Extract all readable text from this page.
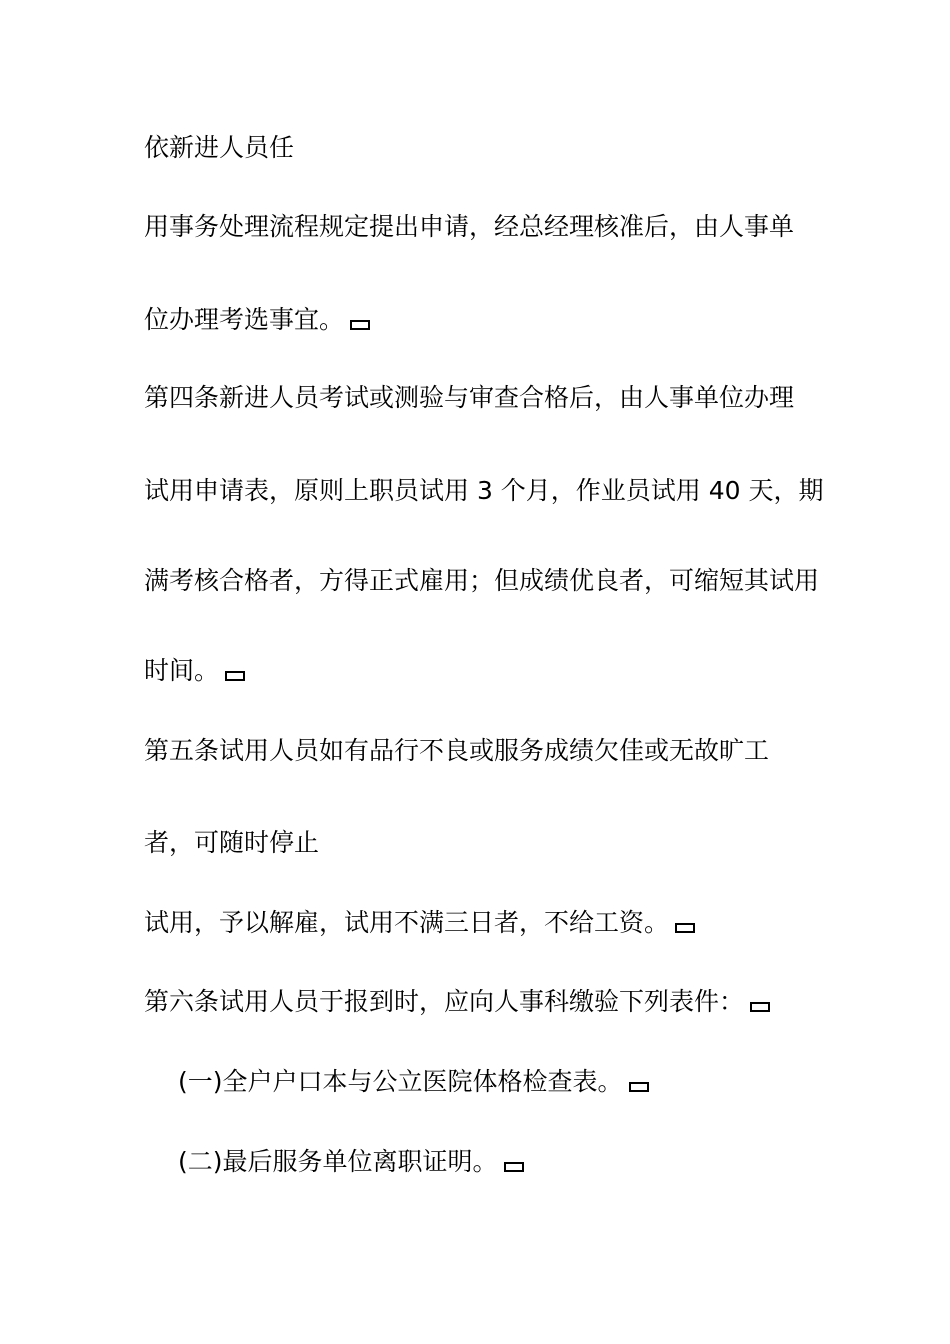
依新进人员任
用事务处理流程规定提出申请，经总经理核准后，由人事单
位办理考选事宜。
第四条新进人员考试或测验与审查合格后，由人事单位办理
试用申请表，原则上职员试用 3 个月，作业员试用 40 天，期
满考核合格者，方得正式雇用；但成绩优良者，可缩短其试用
时间。
第五条试用人员如有品行不良或服务成绩欠佳或无故旷工
者，可随时停止
试用，予以解雇，试用不满三日者，不给工资。
第六条试用人员于报到时，应向人事科缴验下列表件：
(一)全户户口本与公立医院体格检查表。
(二)最后服务单位离职证明。
